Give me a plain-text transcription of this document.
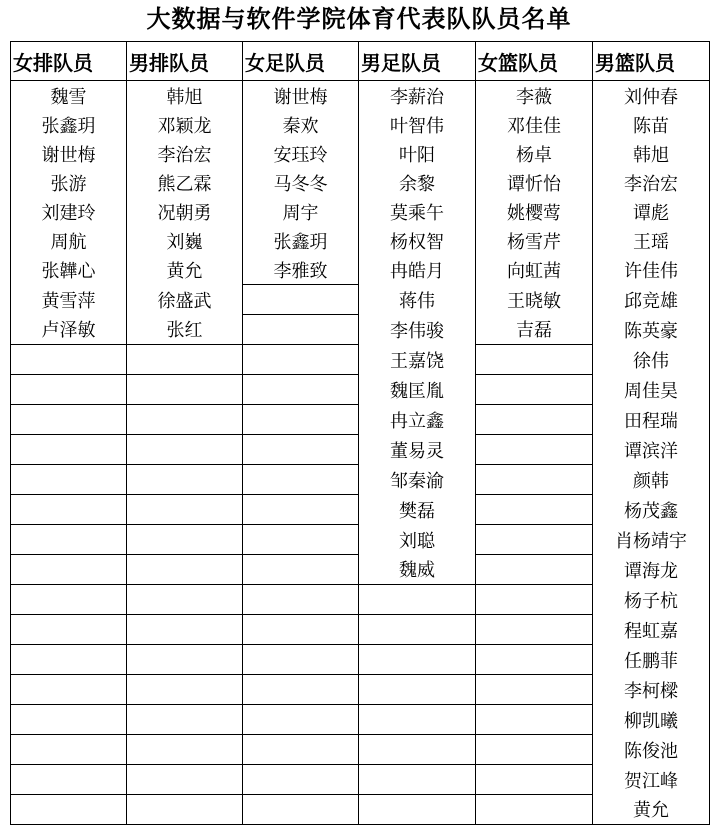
大数据与软件学院体育代表队队员名单
女排队员	男排队员	女足队员	男足队员	女篮队员	男篮队员
魏雪	韩旭	谢世梅	李薪治	李薇	刘仲春
张鑫玥	邓颖龙	秦欢	叶智伟	邓佳佳	陈苗
谢世梅	李治宏	安珏玲	叶阳	杨卓	韩旭
张游	熊乙霖	马冬冬	余黎	谭忻怡	李治宏
刘建玲	况朝勇	周宇	莫乘午	姚樱莺	谭彪
周航	刘巍	张鑫玥	杨权智	杨雪芹	王瑶
张韡心	黄允	李雅致	冉皓月	向虹茜	许佳伟
黄雪萍	徐盛武		蒋伟	王晓敏	邱竞雄
卢泽敏	张红		李伟骏	吉磊	陈英豪
			王嘉饶		徐伟
			魏匡胤		周佳昊
			冉立鑫		田程瑞
			董易灵		谭滨洋
			邹秦渝		颜韩
			樊磊		杨茂鑫
			刘聪		肖杨靖宇
			魏威		谭海龙
					杨子杭
					程虹嘉
					任鹏菲
					李柯樑
					柳凯曦
					陈俊池
					贺江峰
					黄允
